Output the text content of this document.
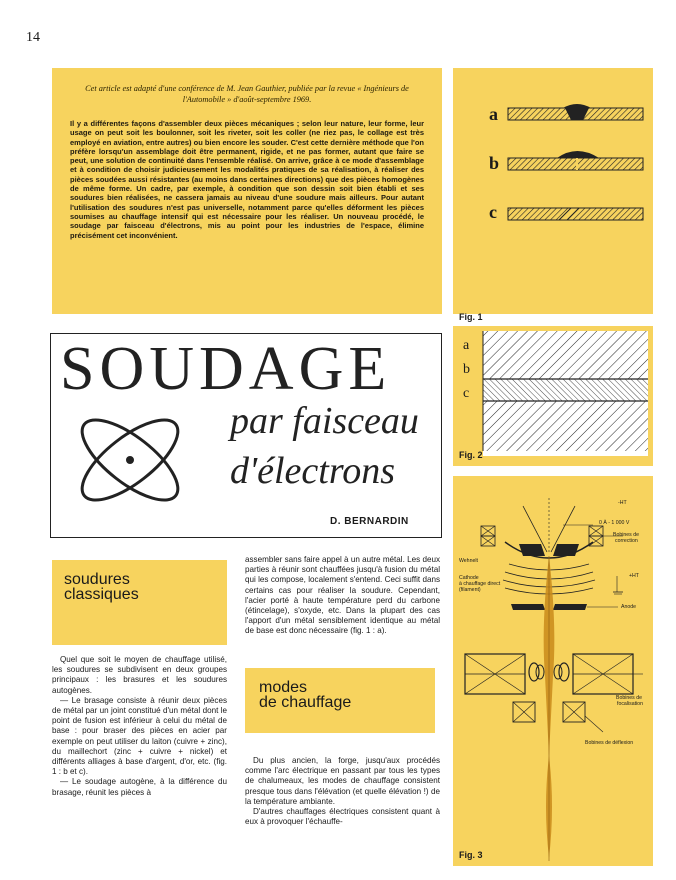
14

Cet article est adapté d'une conférence de M. Jean Gauthier, publiée par la revue « Ingénieurs de l'Automobile » d'août-septembre 1969.

Il y a différentes façons d'assembler deux pièces mécaniques ; selon leur nature, leur forme, leur usage on peut soit les boulonner, soit les riveter, soit les coller (ne riez pas, le collage est très employé en aviation, entre autres) ou bien encore les souder. C'est cette dernière méthode que l'on préfère lorsqu'un assemblage doit être permanent, rigide, et ne pas former, autant que faire se peut, une solution de continuité dans l'ensemble réalisé. On arrive, grâce à ce mode d'assemblage et à condition de choisir judicieusement les modalités pratiques de sa réalisation, à réaliser des pièces soudées aussi résistantes (au moins dans certaines directions) que des pièces homogènes de même forme. Un cadre, par exemple, à condition que son dessin soit bien établi et ses soudures bien réalisées, ne cassera jamais au niveau d'une soudure mais ailleurs. Pour autant l'utilisation des soudures n'est pas universelle, notamment parce qu'elles déforment les pièces soumises au chauffage intensif qui est nécessaire pour les réaliser. Un nouveau procédé, le soudage par faisceau d'électrons, mis au point pour les industries de l'espace, élimine précisément cet inconvénient.

SOUDAGE
par faisceau
d'électrons
D. BERNARDIN

soudures

classiques

Quel que soit le moyen de chauffage utilisé, les soudures se subdivisent en deux groupes principaux : les brasures et les soudures autogènes.

— Le brasage consiste à réunir deux pièces de métal par un joint constitué d'un métal dont le point de fusion est inférieur à celui du métal de base : pour braser des pièces en acier par exemple on peut utiliser du laiton (cuivre + zinc), du maillechort (zinc + cuivre + nickel) et différents alliages à base d'argent, d'or, etc. (fig. 1 : b et c).

— Le soudage autogène, à la différence du brasage, réunit les pièces à

assembler sans faire appel à un autre métal. Les deux parties à réunir sont chauffées jusqu'à fusion du métal qui les compose, localement s'entend. Ceci suffit dans certains cas pour réaliser la soudure. Cependant, l'acier porté à haute température perd du carbone (étincelage), s'oxyde, etc. Dans la plupart des cas l'apport d'un métal sensiblement identique au métal de base est donc nécessaire (fig. 1 : a).

modes

de chauffage

Du plus ancien, la forge, jusqu'aux procédés comme l'arc électrique en passant par tous les types de chalumeaux, les modes de chauffage consistent presque tous dans l'élévation (et quelle élévation !) de la température ambiante.

D'autres chauffages électriques consistent quant à eux à provoquer l'échauffe-

a
b
c
Fig. 1
a
b
c
Fig. 2
-HT
0 À - 1 000 V
Bobines de
correction
Wehnelt
Cathode
à chauffage direct
(filament)
+HT
Anode
Bobines de
focalisation
Bobines de déflexion
Fig. 3
